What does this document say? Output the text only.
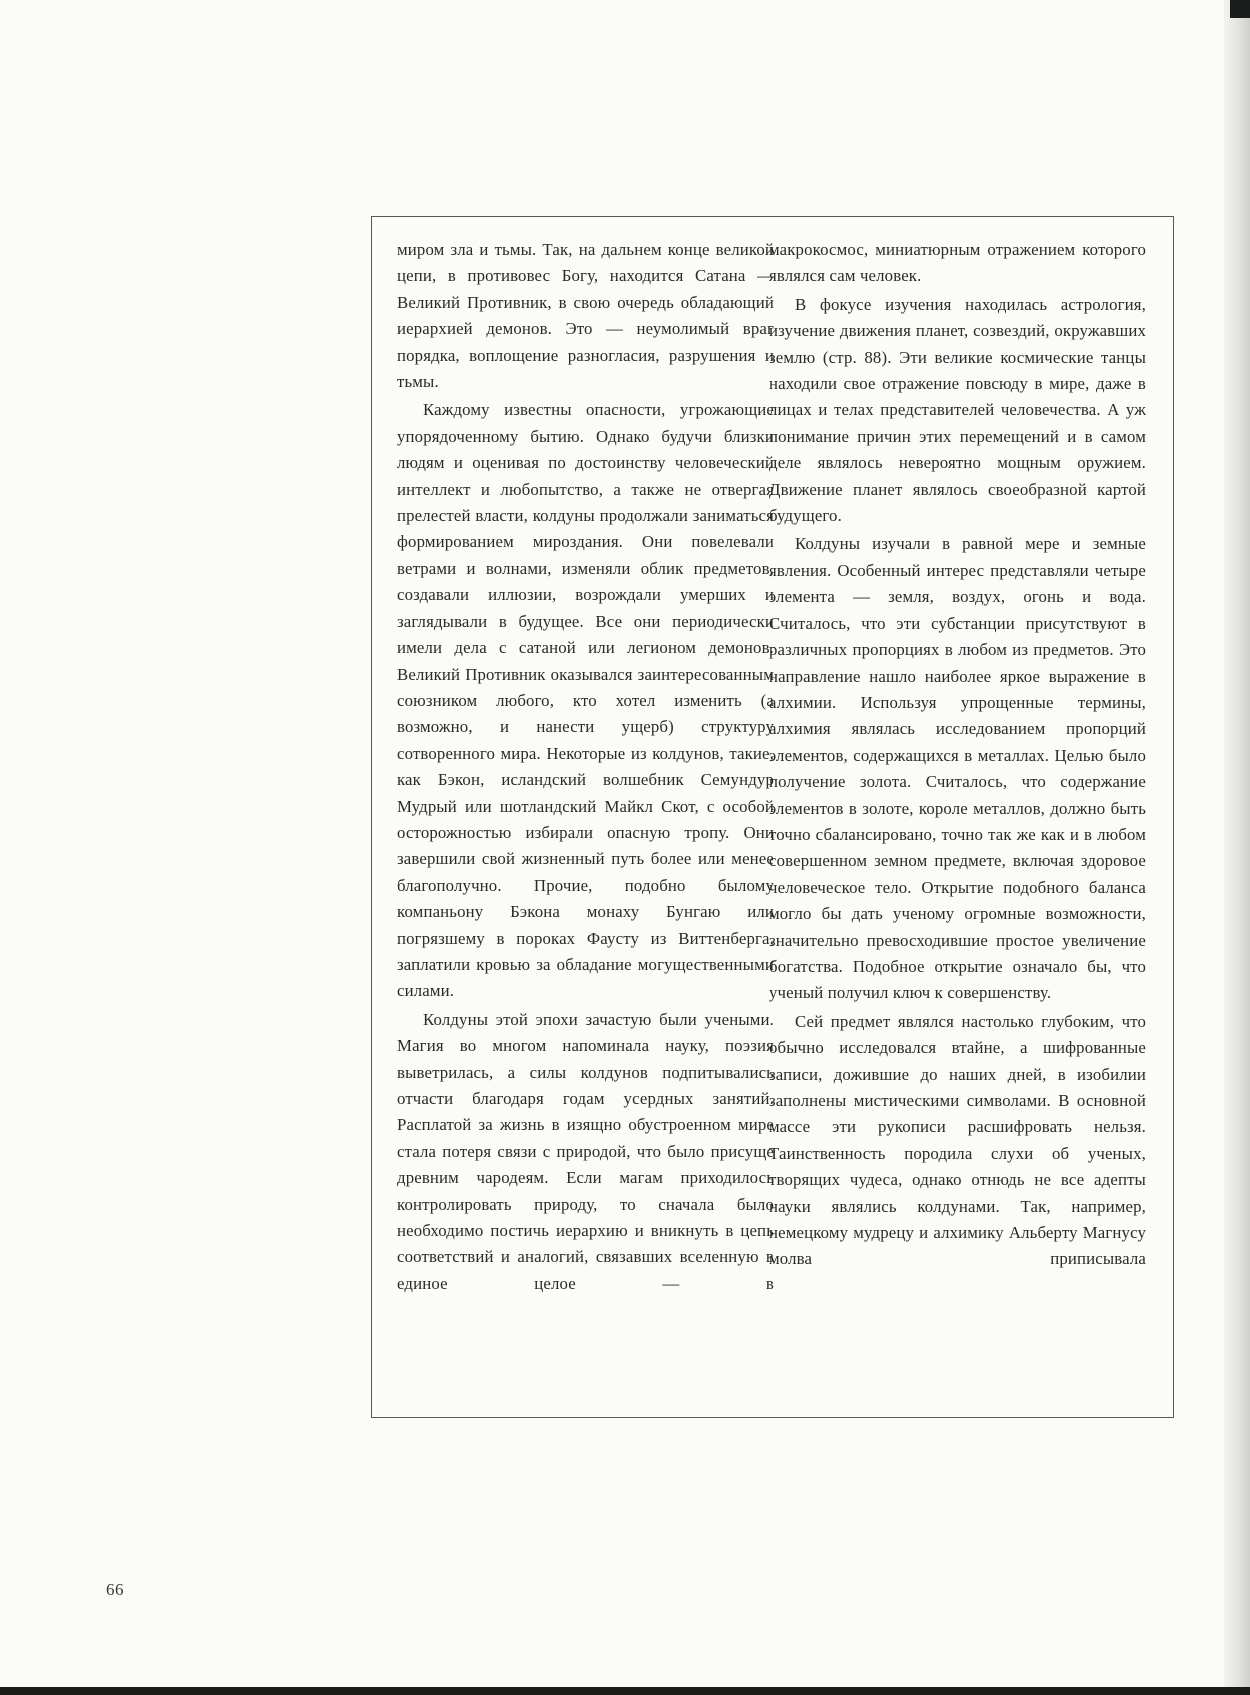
миром зла и тьмы. Так, на дальнем конце великой цепи, в противовес Богу, находится Сатана — Великий Противник, в свою очередь обладающий иерархией демонов. Это — неумолимый враг порядка, воплощение разногласия, разрушения и тьмы.

Каждому известны опасности, угрожающие упорядоченному бытию. Однако будучи близки людям и оценивая по достоинству человеческий интеллект и любопытство, а также не отвергая прелестей власти, колдуны продолжали заниматься формированием мироздания. Они повелевали ветрами и волнами, изменяли облик предметов, создавали иллюзии, возрождали умерших и заглядывали в будущее. Все они периодически имели дела с сатаной или легионом демонов. Великий Противник оказывался заинтересованным союзником любого, кто хотел изменить (а возможно, и нанести ущерб) структуру сотворенного мира. Некоторые из колдунов, такие, как Бэкон, исландский волшебник Семундур Мудрый или шотландский Майкл Скот, с особой осторожностью избирали опасную тропу. Они завершили свой жизненный путь более или менее благополучно. Прочие, подобно былому компаньону Бэкона монаху Бунгаю или погрязшему в пороках Фаусту из Виттенберга, заплатили кровью за обладание могущественными силами.

Колдуны этой эпохи зачастую были учеными. Магия во многом напоминала науку, поэзия выветрилась, а силы колдунов подпитывались отчасти благодаря годам усердных занятий. Расплатой за жизнь в изящно обустроенном мире стала потеря связи с природой, что было присуще древним чародеям. Если магам приходилось контролировать природу, то сначала было необходимо постичь иерархию и вникнуть в цепь соответствий и аналогий, связавших вселенную в единое целое — в

макрокосмос, миниатюрным отражением которого являлся сам человек.

В фокусе изучения находилась астрология, изучение движения планет, созвездий, окружавших землю (стр. 88). Эти великие космические танцы находили свое отражение повсюду в мире, даже в лицах и телах представителей человечества. А уж понимание причин этих перемещений и в самом деле являлось невероятно мощным оружием. Движение планет являлось своеобразной картой будущего.

Колдуны изучали в равной мере и земные явления. Особенный интерес представляли четыре элемента — земля, воздух, огонь и вода. Считалось, что эти субстанции присутствуют в различных пропорциях в любом из предметов. Это направление нашло наиболее яркое выражение в алхимии. Используя упрощенные термины, алхимия являлась исследованием пропорций элементов, содержащихся в металлах. Целью было получение золота. Считалось, что содержание элементов в золоте, короле металлов, должно быть точно сбалансировано, точно так же как и в любом совершенном земном предмете, включая здоровое человеческое тело. Открытие подобного баланса могло бы дать ученому огромные возможности, значительно превосходившие простое увеличение богатства. Подобное открытие означало бы, что ученый получил ключ к совершенству.

Сей предмет являлся настолько глубоким, что обычно исследовался втайне, а шифрованные записи, дожившие до наших дней, в изобилии заполнены мистическими символами. В основной массе эти рукописи расшифровать нельзя. Таинственность породила слухи об ученых, творящих чудеса, однако отнюдь не все адепты науки являлись колдунами. Так, например, немецкому мудрецу и алхимику Альберту Магнусу молва приписывала

66
